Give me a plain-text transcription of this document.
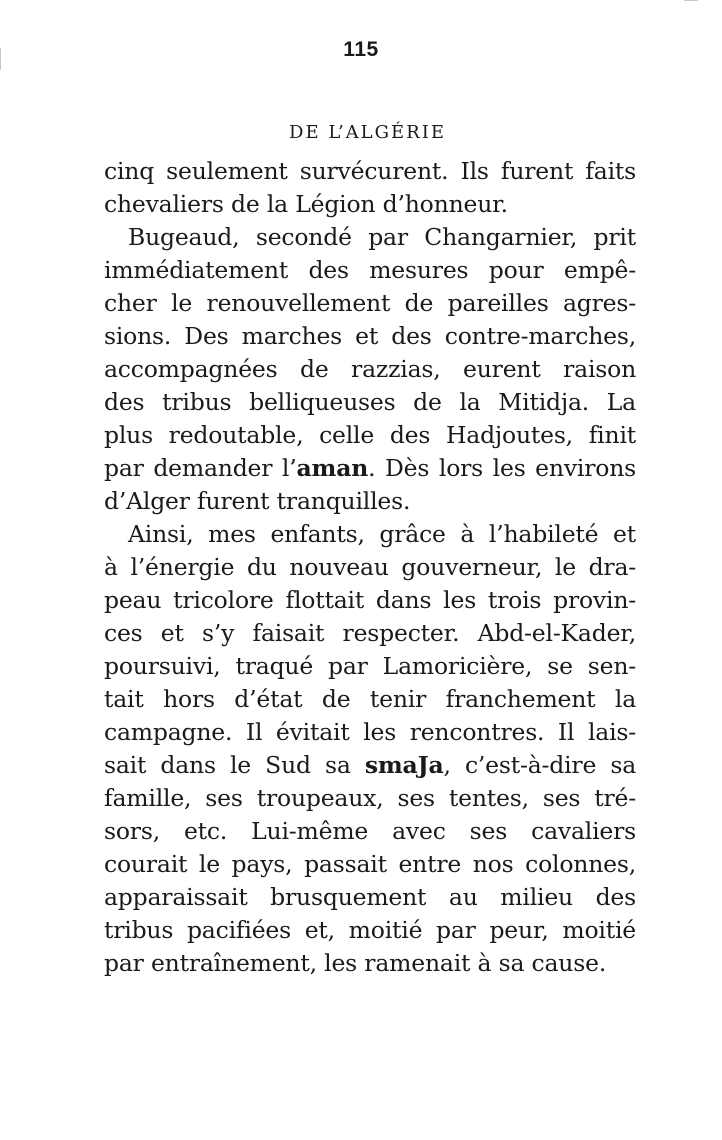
115
DE L’ALGÉRIE
cinq seulement survécurent. Ils furent faits
chevaliers de la Légion d’honneur.
Bugeaud, secondé par Changarnier, prit
immédiatement des mesures pour empê-
cher le renouvellement de pareilles agres-
sions. Des marches et des contre-marches,
accompagnées de razzias, eurent raison
des tribus belliqueuses de la Mitidja. La
plus redoutable, celle des Hadjoutes, finit
par demander l’aman. Dès lors les environs
d’Alger furent tranquilles.
Ainsi, mes enfants, grâce à l’habileté et
à l’énergie du nouveau gouverneur, le dra-
peau tricolore flottait dans les trois provin-
ces et s’y faisait respecter. Abd-el-Kader,
poursuivi, traqué par Lamoricière, se sen-
tait hors d’état de tenir franchement la
campagne. Il évitait les rencontres. Il lais-
sait dans le Sud sa smaJa, c’est-à-dire sa
famille, ses troupeaux, ses tentes, ses tré-
sors, etc. Lui-même avec ses cavaliers
courait le pays, passait entre nos colonnes,
apparaissait brusquement au milieu des
tribus pacifiées et, moitié par peur, moitié
par entraînement, les ramenait à sa cause.
